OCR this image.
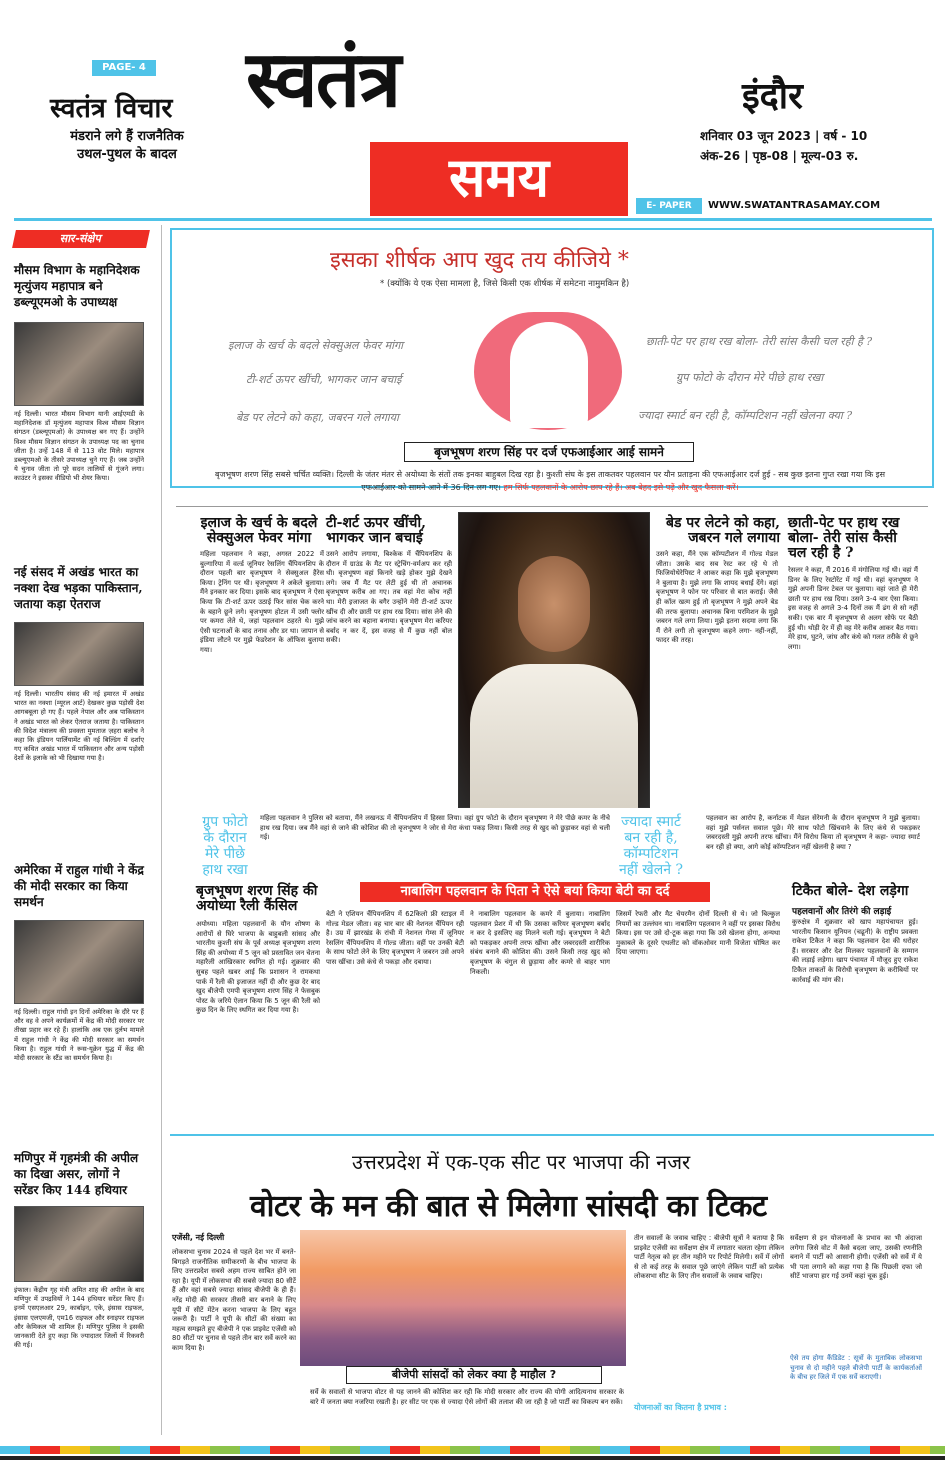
PAGE- 4
स्वतंत्र विचार
मंडराने लगे हैं राजनैतिक उथल-पुथल के बादल
स्वतंत्र
समय
इंदौर
शनिवार 03 जून 2023 | वर्ष - 10
अंक-26 | पृष्ठ-08 | मूल्य-03 रु.
E- PAPER	WWW.SWATANTRASAMAY.COM
सार-संक्षेप
मौसम विभाग के महानिदेशक मृत्युंजय महापात्र बने डब्ल्यूएमओ के उपाध्यक्ष
नई दिल्ली। भारत मौसम विभाग यानी आईएमडी के महानिदेशक डॉ मृत्युंजय महापात्र विश्व मौसम विज्ञान संगठन (डब्ल्यूएमओ) के उपाध्यक्ष बन गए हैं। उन्होंने विश्व मौसम विज्ञान संगठन के उपाध्यक्ष पद का चुनाव जीता है। उन्हें 148 में से 113 वोट मिले। महापात्र डब्ल्यूएमओ के तीसरे उपाध्यक्ष चुने गए हैं। जब उन्होंने ये चुनाव जीता तो पूरे सदन तालियों से गूंजने लगा। काउंटर ने इसका वीडियो भी शेयर किया।
नई संसद में अखंड भारत का नक्शा देख भड़का पाकिस्तान, जताया कड़ा ऐतराज
नई दिल्ली। भारतीय संसद की नई इमारत में अखंड भारत का नक्शा (म्यूरल आर्ट) देखकर कुछ पड़ोसी देश आगबबूला हो गए हैं। पहले नेपाल और अब पाकिस्तान ने अखंड भारत को लेकर ऐतराज जताया है। पाकिस्तान की विदेश मंत्रालय की प्रवक्ता मुमताज ज़हरा बलोच ने कहा कि इंडियन पार्लियामेंट की नई बिल्डिंग में दर्शाए गए कथित अखंड भारत में पाकिस्तान और अन्य पड़ोसी देशों के इलाके को भी दिखाया गया है।
अमेरिका में राहुल गांधी ने केंद्र की मोदी सरकार का किया समर्थन
नई दिल्ली। राहुल गांधी इन दिनों अमेरिका के दौरे पर हैं और वह वे अपने कार्यक्रमों में केंद्र की मोदी सरकार पर तीखा प्रहार कर रहे हैं। हालांकि अब एक दुर्लभ मामले में राहुल गांधी ने केंद्र की मोदी सरकार का समर्थन किया है। राहुल गांधी ने रूस-यूक्रेन युद्ध में केंद्र की मोदी सरकार के स्टैंड का समर्थन किया है।
मणिपुर में गृहमंत्री की अपील का दिखा असर, लोगों ने सरेंडर किए 144 हथियार
इंफाल। केंद्रीय गृह मंत्री अमित शाह की अपील के बाद मणिपुर में उपद्रवियों ने 144 हथियार सरेंडर किए हैं। इनमें एसएलआर 29, कार्बाइन, एके, इंसास राइफल, इंसास एलएमजी, एम16 राइफल और स्नाइपर राइफल और केमिकल भी शामिल हैं। मणिपुर पुलिस ने इसकी जानकारी देते हुए कहा कि ज्यादातर जिलों में रिकवरी की गई।
इसका शीर्षक आप खुद तय कीजिये *
* (क्योंकि ये एक ऐसा मामला है, जिसे किसी एक शीर्षक में समेटना नामुमकिन है)
इलाज के खर्च के बदले सेक्सुअल फेवर मांगा
टी-शर्ट ऊपर खींची, भागकर जान बचाई
बेड पर लेटने को कहा, जबरन गले लगाया
छाती-पेट पर हाथ रख बोला- तेरी सांस कैसी चल रही है ?
ग्रुप फोटो के दौरान मेरे पीछे हाथ रखा
ज्यादा स्मार्ट बन रही है, कॉम्पटिशन नहीं खेलना क्या ?
बृजभूषण शरण सिंह पर दर्ज एफआईआर आई सामने
बृजभूषण शरण सिंह सबसे चर्चित व्यक्ति। दिल्ली के जंतर मंतर से अयोध्या के संतों तक इनका बाहुबल दिख रहा है। कुश्ती संघ के इस ताकतवर पहलवान पर यौन प्रताड़ना की एफआईआर दर्ज हुई - सब कुछ इतना गुप्त रखा गया कि इस एफआईआर को सामने आने में 36 दिन लग गए। हम सिर्फ पहलवानों के आरोप छाप रहे हैं। अब बेहद इसे पढ़ें और खुद फैसला करें।
इलाज के खर्च के बदले सेक्सुअल फेवर मांगा
महिला पहलवान ने कहा, अगस्त 2022 में बुल्गारिया में वर्ल्ड जूनियर रेसलिंग चैंपियनशिप के दौरान पहली बार बृजभूषण ने सेक्सुअल हैरेस किया। ट्रेनिंग पर थी। बृजभूषण ने अकेले बुलाया। मैंने इनकार कर दिया। इसके बाद बृजभूषण ने ऐसा किया कि टी-शर्ट ऊपर उठाई फिर सांस चेक करने के बहाने छूने लगे। बृजभूषण होटल में उसी फ्लोर पर कमरा लेते थे, जहां पहलवान ठहरते थे। मुझे ऐसी घटनाओं के बाद तनाव और डर था। जापान से इंडिया लौटने पर मुझे फेडरेशन के ऑफिस बुलाया गया।
टी-शर्ट ऊपर खींची, भागकर जान बचाई
उसने आरोप लगाया, बिश्केक में चैंपियनशिप के दौरान में ग्राउंड के मैट पर स्ट्रेचिंग-वर्मअप कर रही थी। बृजभूषण वहां किनारे खड़े होकर मुझे देखने लगे। जब मैं मैट पर लेटी हुई थी तो अचानक बृजभूषण करीब आ गए। तब वहां मेरा कोच नहीं था। मेरी इजाजत के बगैर उन्होंने मेरी टी-शर्ट ऊपर खींच दी और छाती पर हाथ रख दिया। सांस लेने की जांच करने का बहाना बनाया। बृजभूषण मेरा करियर बर्बाद न कर दें, इस वजह से मैं कुछ नहीं बोल सकी।
बेड पर लेटने को कहा, जबरन गले लगाया
उसने कहा, मैंने एक कॉम्पटीशन में गोल्ड मेडल जीता। उसके बाद सब रेस्ट कर रहे थे तो फिजियोथेरेपिस्ट ने आकर कहा कि मुझे बृजभूषण ने बुलाया है। मुझे लगा कि शायद बधाई देंगे। वहां बृजभूषण ने फोन पर परिवार से बात कराई। जैसे ही कॉल खत्म हुई तो बृजभूषण ने मुझे अपने बेड की तरफ बुलाया। अचानक बिना परमिशन के मुझे जबरन गले लगा लिया। मुझे इतना सदमा लगा कि मैं रोने लगी तो बृजभूषण कहने लगा- नहीं-नहीं, फादर की तरह।
छाती-पेट पर हाथ रख बोला- तेरी सांस कैसी चल रही है ?
रेसलर ने कहा, मैं 2016 में मंगोलिया गई थी। वहां मैं डिनर के लिए रेस्टोरेंट में गई थी। वहां बृजभूषण ने मुझे अपनी डिनर टेबल पर बुलाया। वहां जाते ही मेरी छाती पर हाथ रख दिया। उसने 3-4 बार ऐसा किया। इस वजह से अगले 3-4 दिनों तक मैं ढंग से सो नहीं सकी। एक बार मैं बृजभूषण से अलग सोफे पर बैठी हुई थी। थोड़ी देर में ही वह मेरे करीब आकर बैठ गया। मेरे हाथ, घुटने, जांघ और कंधे को गलत तरीके से छूने लगा।
ग्रुप फोटो के दौरान मेरे पीछे हाथ रखा
महिला पहलवान ने पुलिस को बताया, मैंने लखनऊ में चैंपियनशिप में हिस्सा लिया। वहां ग्रुप फोटो के दौरान बृजभूषण ने मेरे पीछे कमर के नीचे हाथ रख दिया। जब मैंने वहां से जाने की कोशिश की तो बृजभूषण ने जोर से मेरा कंधा पकड़ लिया। किसी तरह से खुद को छुड़ाकर वहां से चली गई।
ज्यादा स्मार्ट बन रही है, कॉम्पटिशन नहीं खेलने ?
पहलवान का आरोप है, कर्नाटक में मेडल सेरेमनी के दौरान बृजभूषण ने मुझे बुलाया। वहां मुझे पर्सनल सवाल पूछे। मेरे साथ फोटो खिंचवाने के लिए कंधे से पकड़कर जबरदस्ती मुझे अपनी तरफ खींचा। मैंने विरोध किया तो बृजभूषण ने कहा- ज्यादा स्मार्ट बन रही हो क्या, आगे कोई कॉम्पटिशन नहीं खेलनी है क्या ?
नाबालिग पहलवान के पिता ने ऐसे बयां किया बेटी का दर्द
बृजभूषण शरण सिंह की अयोध्या रैली कैंसिल
अयोध्या। महिला पहलवानों के यौन शोषण के आरोपों से घिरे भाजपा के बाहुबली सांसद और भारतीय कुश्ती संघ के पूर्व अध्यक्ष बृजभूषण शरण सिंह की अयोध्या में 5 जून को प्रस्तावित जन चेतना महारैली आखिरकार स्थगित हो गई। शुक्रवार की सुबह पहले खबर आई कि प्रशासन ने रामकथा पार्क में रैली की इजाजत नहीं दी और कुछ देर बाद खुद बीजेपी एमपी बृजभूषण शरण सिंह ने फेसबुक पोस्ट के जरिये ऐलान किया कि 5 जून की रैली को कुछ दिन के लिए स्थगित कर दिया गया है।
बेटी ने एशियन चैंपियनशिप में 62किलो फ्री स्टाइल में गोल्ड मेडल जीता। वह चार बार की नेशनल चैंपियन रही है। उम्र में झारखंड के रांची में नेशनल गेम्स में जूनियर रेसलिंग चैंपियनशिप में गोल्ड जीता। वहीं पर उनकी बेटी के साथ फोटो लेने के लिए बृजभूषण ने जबरन उसे अपने पास खींचा। उसे कंधे से पकड़ा और दबाया।
ने नाबालिग पहलवान के कमरे में बुलाया। नाबालिग पहलवान प्रेशर में थी कि उसका करियर बृजभूषण बर्बाद न कर दे इसलिए वह मिलने चली गई। बृजभूषण ने बेटी को पकड़कर अपनी तरफ खींचा और जबरदस्ती शारीरिक संबंध बनाने की कोशिश की। उसने किसी तरह खुद को बृजभूषण के चंगुल से छुड़ाया और कमरे से बाहर भाग निकली।
जिसमें रेफरी और मैट चेयरमैन दोनों दिल्ली से थे। जो बिल्कुल नियमों का उल्लंघन था। नाबालिग पहलवान ने वहीं पर इसका विरोध किया। इस पर उसे दो-टूक कहा गया कि उसे खेलना होगा, अन्यथा मुकाबले के दूसरे एथलीट को वॉकओवर मानी विजेता घोषित कर दिया जाएगा।
टिकैत बोले- देश लड़ेगा
पहलवानों और तिरंगे की लड़ाई
कुरुक्षेत्र में शुक्रवार को खाप महापंचायत हुई। भारतीय किसान यूनियन (चढूनी) के राष्ट्रीय प्रवक्ता राकेश टिकैत ने कहा कि पहलवान देश की धरोहर हैं। सरकार और देश मिलकर पहलवानों के सम्मान की लड़ाई लड़ेगा। खाप पंचायत में मौजूद हुए राकेश टिकैत ताकतों के विरोधी बृजभूषण के करीबियों पर कार्रवाई की मांग की।
उत्तरप्रदेश में एक-एक सीट पर भाजपा की नजर
वोटर के मन की बात से मिलेगा सांसदी का टिकट
एजेंसी, नई दिल्ली
लोकसभा चुनाव 2024 से पहले देश भर में बनते-बिगड़ते राजनीतिक समीकरणों के बीच भाजपा के लिए उत्तरप्रदेश सबसे अहम राज्य साबित होने जा रहा है। यूपी में लोकसभा की सबसे ज्यादा 80 सीटें हैं और वहां सबसे ज्यादा सांसद बीजेपी के ही हैं। नरेंद्र मोदी की सरकार तीसरी बार बनाने के लिए यूपी में सीटें मेंटेन करना भाजपा के लिए बहुत जरूरी है। पार्टी ने यूपी के सीटों की संख्या का महत्व समझते हुए बीजेपी ने एक प्राइवेट एजेंसी को 80 सीटों पर चुनाव से पहले तीन बार सर्वे करने का काम दिया है।
बीजेपी सांसदों को लेकर क्या है माहौल ?
सर्वे के सवालों से भाजपा वोटर से यह जानने की कोशिश कर रही कि मोदी सरकार और राज्य की योगी आदित्यनाथ सरकार के बारे में जनता क्या नजरिया रखती है। हर सीट पर एक से ज्यादा ऐसे लोगों की तलाश की जा रही है जो पार्टी का विकल्प बन सकें।
तीन सवालों के जवाब चाहिए : बीजेपी सूत्रों ने बताया है कि प्राइवेट एजेंसी का सर्वेक्षण क्षेत्र में लगातार चलता रहेगा लेकिन पार्टी नेतृत्व को हर तीन महीने पर रिपोर्ट मिलेगी। सर्वे में लोगों से तो कई तरह के सवाल पूछे जाएंगे लेकिन पार्टी को प्रत्येक लोकसभा सीट के लिए तीन सवालों के जवाब चाहिए।
योजनाओं का कितना है प्रभाव :
सर्वेक्षण से इन योजनाओं के प्रभाव का भी अंदाजा लगेगा जिसे वोट में कैसे बदला जाए, उसकी रणनीति बनाने में पार्टी को आसानी होगी। एजेंसी को सर्वे में ये भी पता लगाने को कहा गया है कि पिछली दफा जो सीटें भाजपा हार गई उनमें कहां चूक हुई।
ऐसे तय होगा कैंडिडेट : सूत्रों के मुताबिक लोकसभा चुनाव से दो महीने पहले बीजेपी पार्टी के कार्यकर्ताओं के बीच हर जिले में एक सर्वे कराएगी।
